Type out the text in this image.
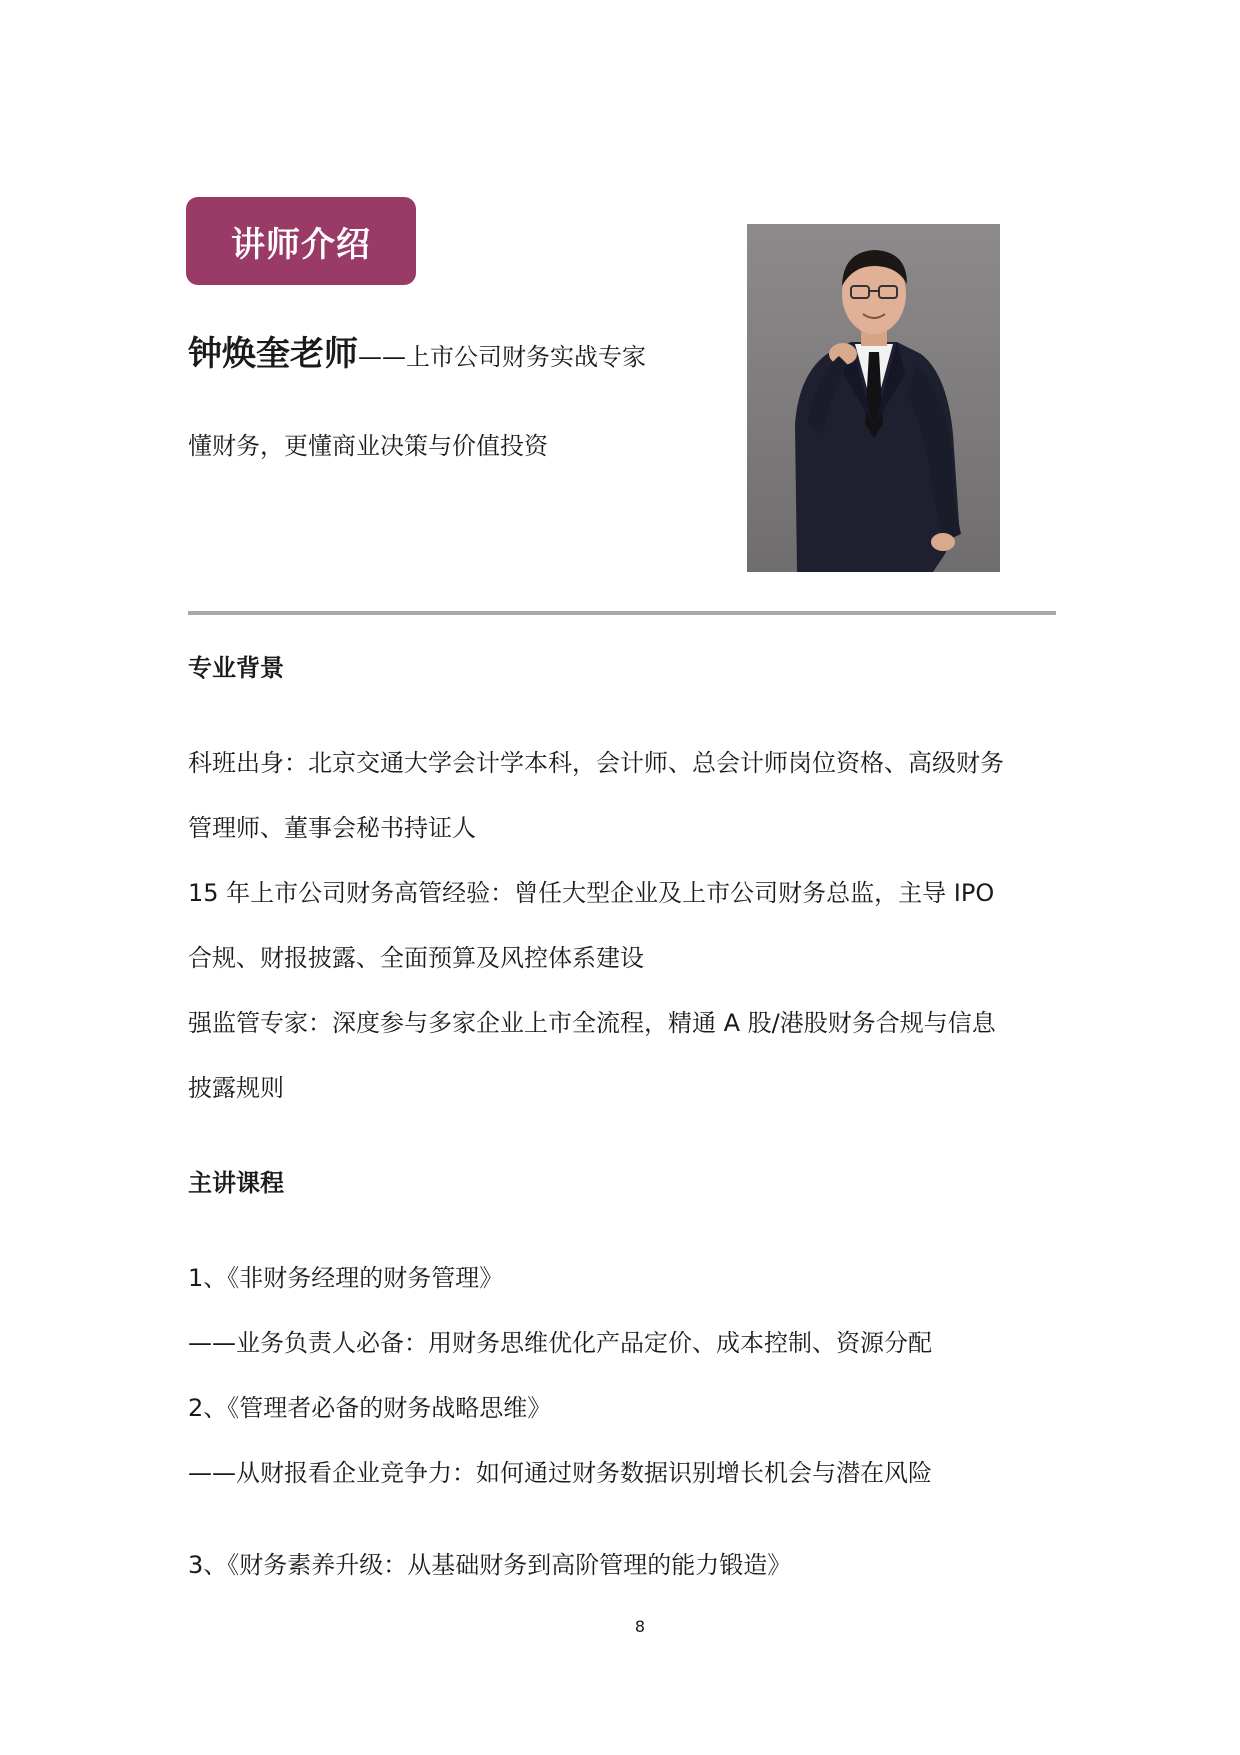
讲师介绍
钟焕奎老师——上市公司财务实战专家
懂财务，更懂商业决策与价值投资
专业背景
科班出身：北京交通大学会计学本科，会计师、总会计师岗位资格、高级财务
管理师、董事会秘书持证人
15 年上市公司财务高管经验：曾任大型企业及上市公司财务总监，主导 IPO
合规、财报披露、全面预算及风控体系建设
强监管专家：深度参与多家企业上市全流程，精通 A 股/港股财务合规与信息
披露规则
主讲课程
1、《非财务经理的财务管理》
——业务负责人必备：用财务思维优化产品定价、成本控制、资源分配
2、《管理者必备的财务战略思维》
——从财报看企业竞争力：如何通过财务数据识别增长机会与潜在风险
3、《财务素养升级：从基础财务到高阶管理的能力锻造》
8
